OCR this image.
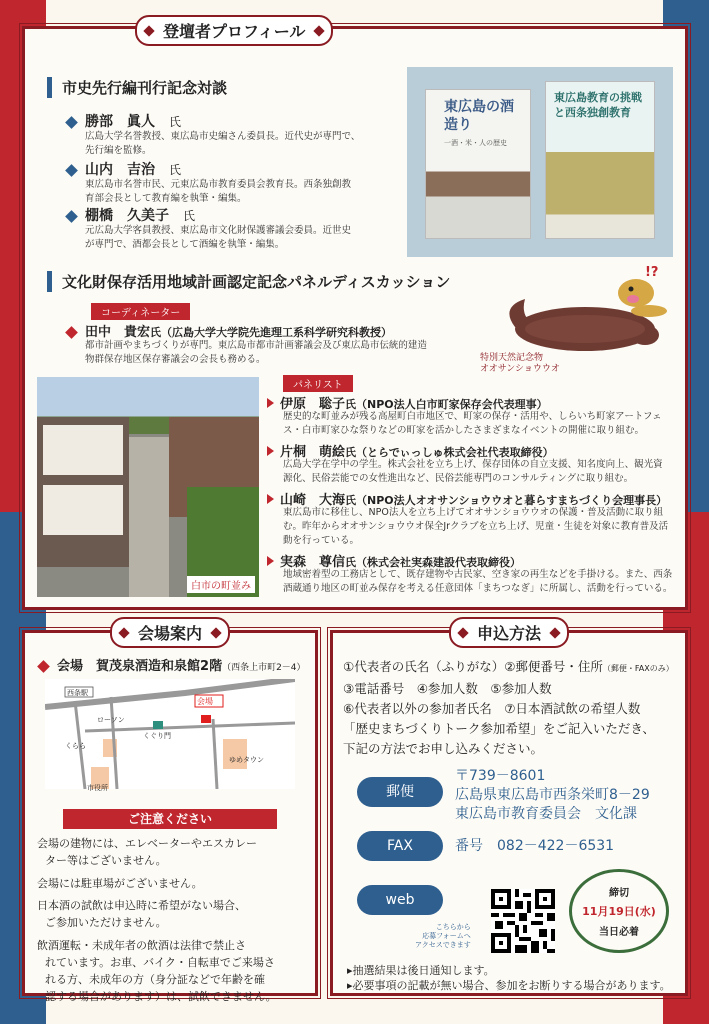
登壇者プロフィール
市史先行編刊行記念対談
勝部　眞人　 氏
広島大学名誉教授、東広島市史編さん委員長。近代史が専門で、
先行編を監修。
山内　吉治　 氏
東広島市名誉市民、元東広島市教育委員会教育長。西条独創教
育部会長として教育編を執筆・編集。
棚橋　久美子　 氏
元広島大学客員教授、東広島市文化財保護審議会委員。近世史
が専門で、酒都会長として酒編を執筆・編集。
東広島の酒造り
一酒・米・人の歴史
東広島教育の挑戦と西条独創教育
文化財保存活用地域計画認定記念パネルディスカッション
コーディネーター
田中　貴宏氏（広島大学大学院先進理工系科学研究科教授）
都市計画やまちづくりが専門。東広島市都市計画審議会及び東広島市伝統的建造
物群保存地区保存審議会の会長も務める。	特別天然記念物
オオサンショウウオ
!?
白市の町並み
パネリスト
伊原　聡子氏（NPO法人白市町家保存会代表理事）
歴史的な町並みが残る高屋町白市地区で、町家の保存・活用や、しらいち町家アートフェ
ス・白市町家ひな祭りなどの町家を活かしたさまざまなイベントの開催に取り組む。
片桐　萌絵氏（とらでぃっしゅ株式会社代表取締役）
広島大学在学中の学生。株式会社を立ち上げ、保存団体の自立支援、知名度向上、観光資
源化、民俗芸能での女性進出など、民俗芸能専門のコンサルティングに取り組む。
山崎　大海氏（NPO法人オオサンショウウオと暮らすまちづくり会理事長）
東広島市に移住し、NPO法人を立ち上げてオオサンショウウオの保護・普及活動に取り組
む。昨年からオオサンショウウオ保全Jrクラブを立ち上げ、児童・生徒を対象に教育普及活
動を行っている。
実森　尊信氏（株式会社実森建設代表取締役）
地域密着型の工務店として、既存建物や古民家、空き家の再生などを手掛ける。また、西条
酒蔵通り地区の町並み保存を考える任意団体「まちつなぎ」に所属し、活動を行っている。
会場案内
会場　 賀茂泉酒造和泉館2階（西条上市町2－4）
西条駅
会場
ローソン
くぐり門
くらら
市役所
ゆめタウン
ご注意ください
会場の建物には、エレベーターやエスカレー
ター等はございません。
会場には駐車場がございません。
日本酒の試飲は申込時に希望がない場合、
ご参加いただけません。
飲酒運転・未成年者の飲酒は法律で禁止さ
れています。お車、バイク・自転車でご来場さ
れる方、未成年の方（身分証などで年齢を確
認する場合があります）は、試飲できません。
申込方法
①代表者の氏名（ふりがな）②郵便番号・住所（郵便・FAXのみ）
③電話番号　④参加人数　⑤参加人数
⑥代表者以外の参加者氏名　⑦日本酒試飲の希望人数
「歴史まちづくりトーク参加希望」をご記入いただき、
下記の方法でお申し込みください。
郵便
〒739－8601
広島県東広島市西条栄町8－29
東広島市教育委員会　文化課
FAX	番号　082－422－6531
web
こちらから
応募フォームへ
アクセスできます
締切
11月19日(水)
当日必着
▸抽選結果は後日通知します。
▸必要事項の記載が無い場合、参加をお断りする場合があります。
